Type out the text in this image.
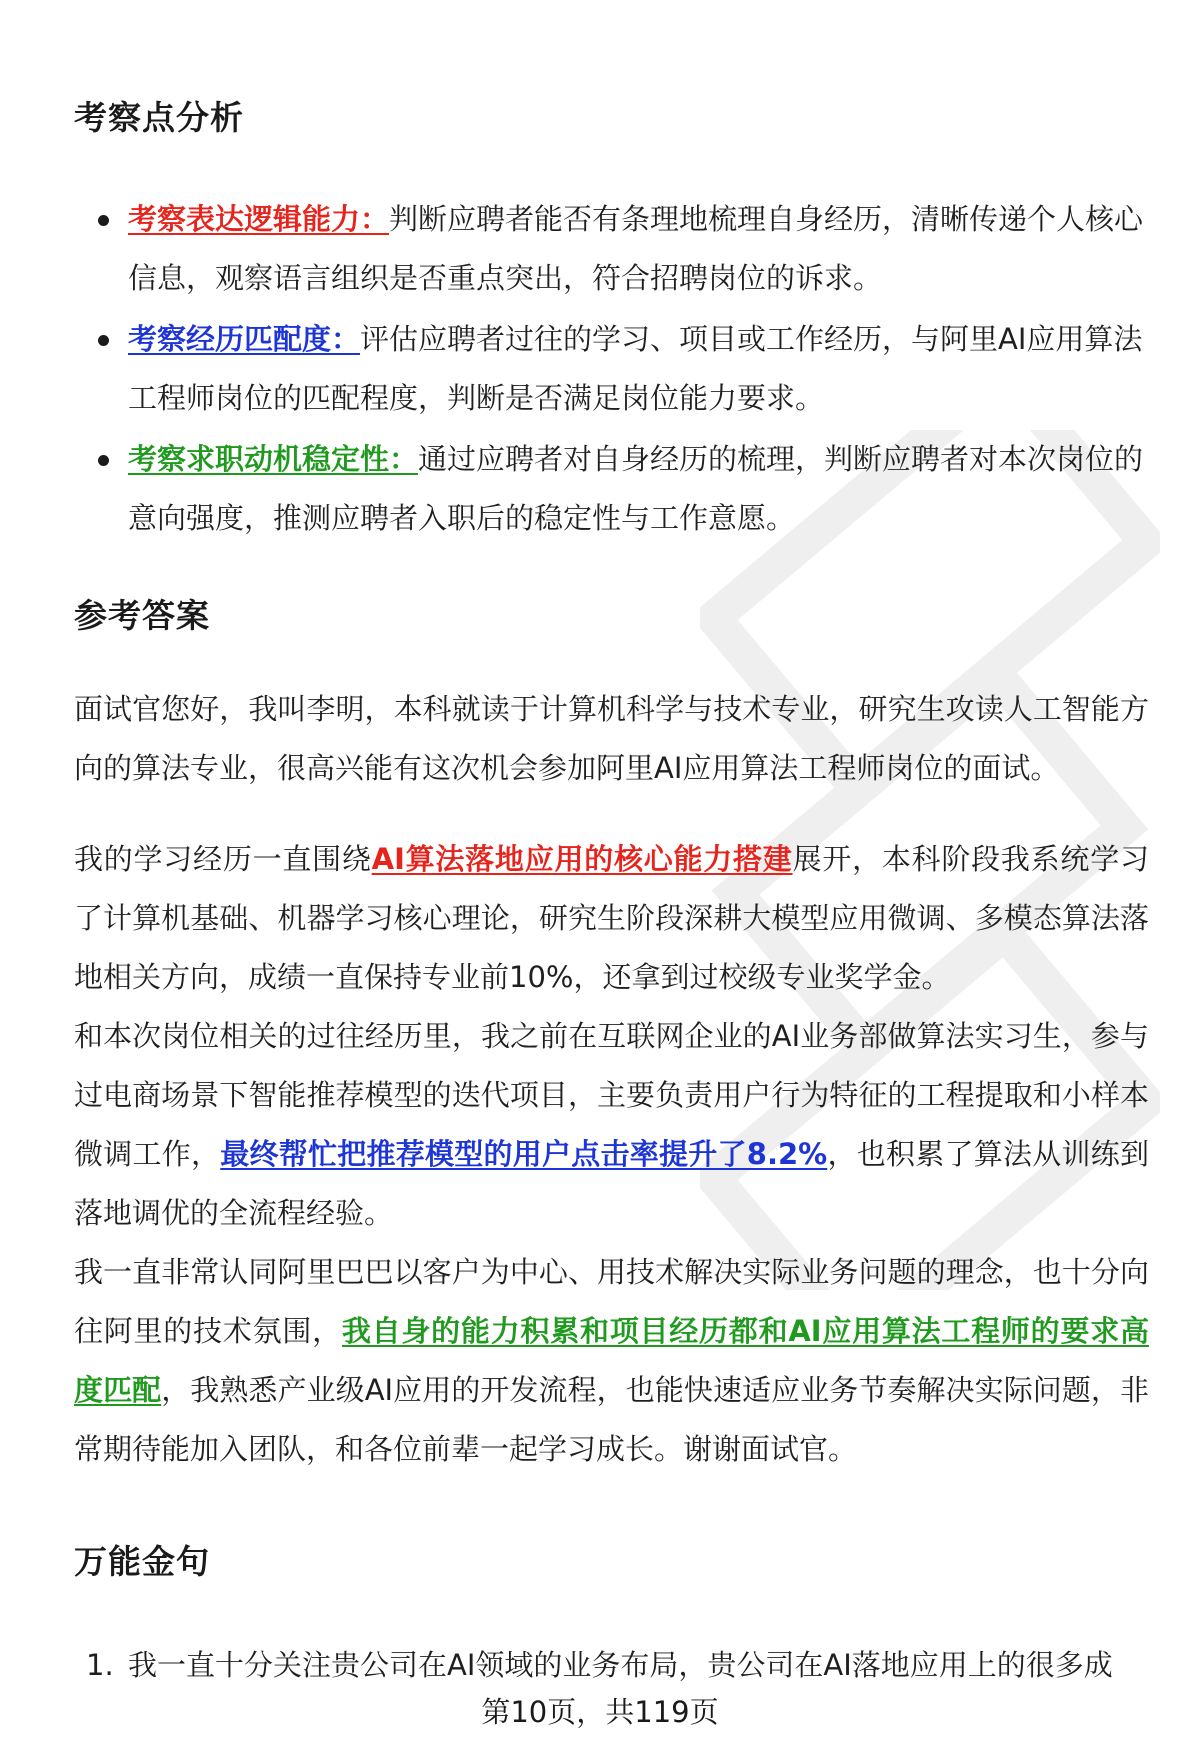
考察点分析
考察表达逻辑能力：判断应聘者能否有条理地梳理自身经历，清晰传递个人核心信息，观察语言组织是否重点突出，符合招聘岗位的诉求。
考察经历匹配度：评估应聘者过往的学习、项目或工作经历，与阿里AI应用算法工程师岗位的匹配程度，判断是否满足岗位能力要求。
考察求职动机稳定性：通过应聘者对自身经历的梳理，判断应聘者对本次岗位的意向强度，推测应聘者入职后的稳定性与工作意愿。
参考答案

面试官您好，我叫李明，本科就读于计算机科学与技术专业，研究生攻读人工智能方向的算法专业，很高兴能有这次机会参加阿里AI应用算法工程师岗位的面试。

我的学习经历一直围绕AI算法落地应用的核心能力搭建展开，本科阶段我系统学习了计算机基础、机器学习核心理论，研究生阶段深耕大模型应用微调、多模态算法落地相关方向，成绩一直保持专业前10%，还拿到过校级专业奖学金。

和本次岗位相关的过往经历里，我之前在互联网企业的AI业务部做算法实习生，参与过电商场景下智能推荐模型的迭代项目，主要负责用户行为特征的工程提取和小样本微调工作，最终帮忙把推荐模型的用户点击率提升了8.2%，也积累了算法从训练到落地调优的全流程经验。

我一直非常认同阿里巴巴以客户为中心、用技术解决实际业务问题的理念，也十分向往阿里的技术氛围，我自身的能力积累和项目经历都和AI应用算法工程师的要求高度匹配，我熟悉产业级AI应用的开发流程，也能快速适应业务节奏解决实际问题，非常期待能加入团队，和各位前辈一起学习成长。谢谢面试官。

万能金句
1. 我一直十分关注贵公司在AI领域的业务布局，贵公司在AI落地应用上的很多成
第10页，共119页
